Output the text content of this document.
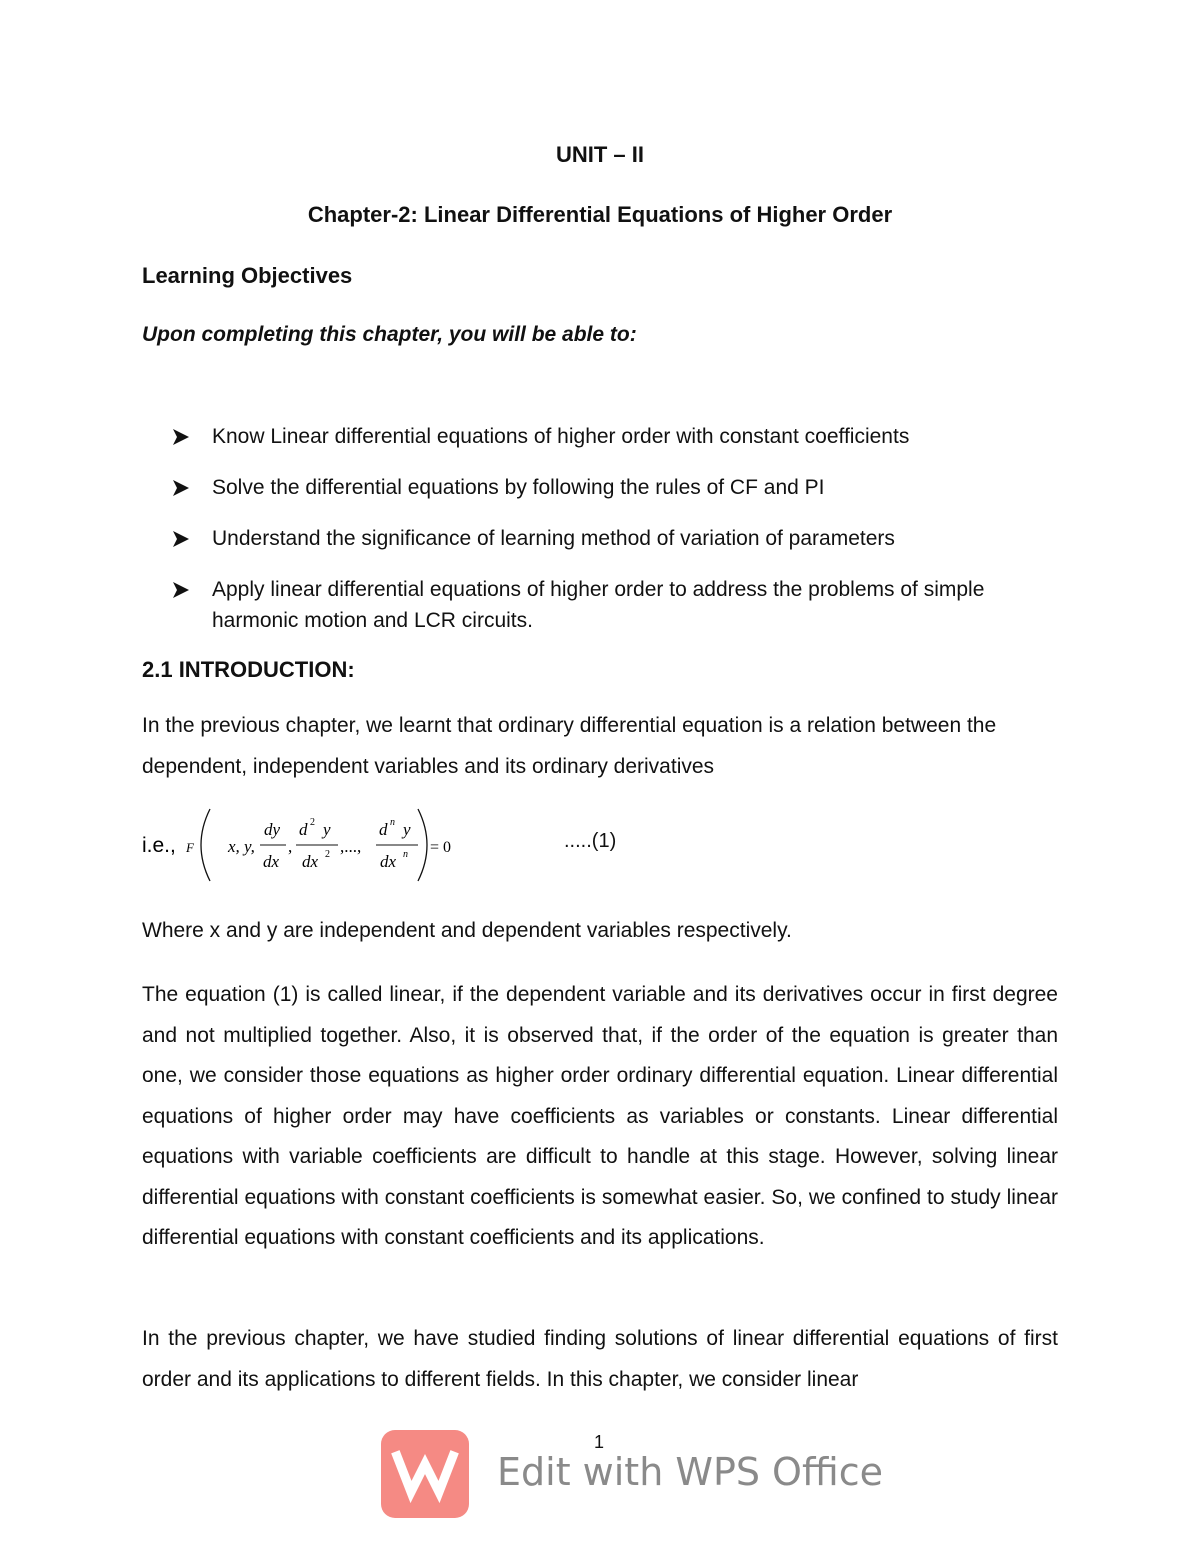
UNIT – II
Chapter-2: Linear Differential Equations of Higher Order
Learning Objectives
Upon completing this chapter, you will be able to:
Know Linear differential equations of higher order with constant coefficients
Solve the differential equations by following the rules of CF and PI
Understand the significance of learning method of variation of parameters
Apply linear differential equations of higher order to address the problems of simple harmonic motion and LCR circuits.
2.1 INTRODUCTION:
In the previous chapter, we learnt that ordinary differential equation is a relation between the dependent, independent variables and its ordinary derivatives
i.e., F x, y,
dy
dx
,
d 2 y
dx 2 ,...,
d n y
dx n = 0	.....(1)
Where x and y are independent and dependent variables respectively.
The equation (1) is called linear, if the dependent variable and its derivatives occur in first degree and not multiplied together. Also, it is observed that, if the order of the equation is greater than one, we consider those equations as higher order ordinary differential equation. Linear differential equations of higher order may have coefficients as variables or constants. Linear differential equations with variable coefficients are difficult to handle at this stage. However, solving linear differential equations with constant coefficients is somewhat easier. So, we confined to study linear differential equations with constant coefficients and its applications.
In the previous chapter, we have studied finding solutions of linear differential equations of first order and its applications to different fields. In this chapter, we consider linear
1
Edit with WPS Office
